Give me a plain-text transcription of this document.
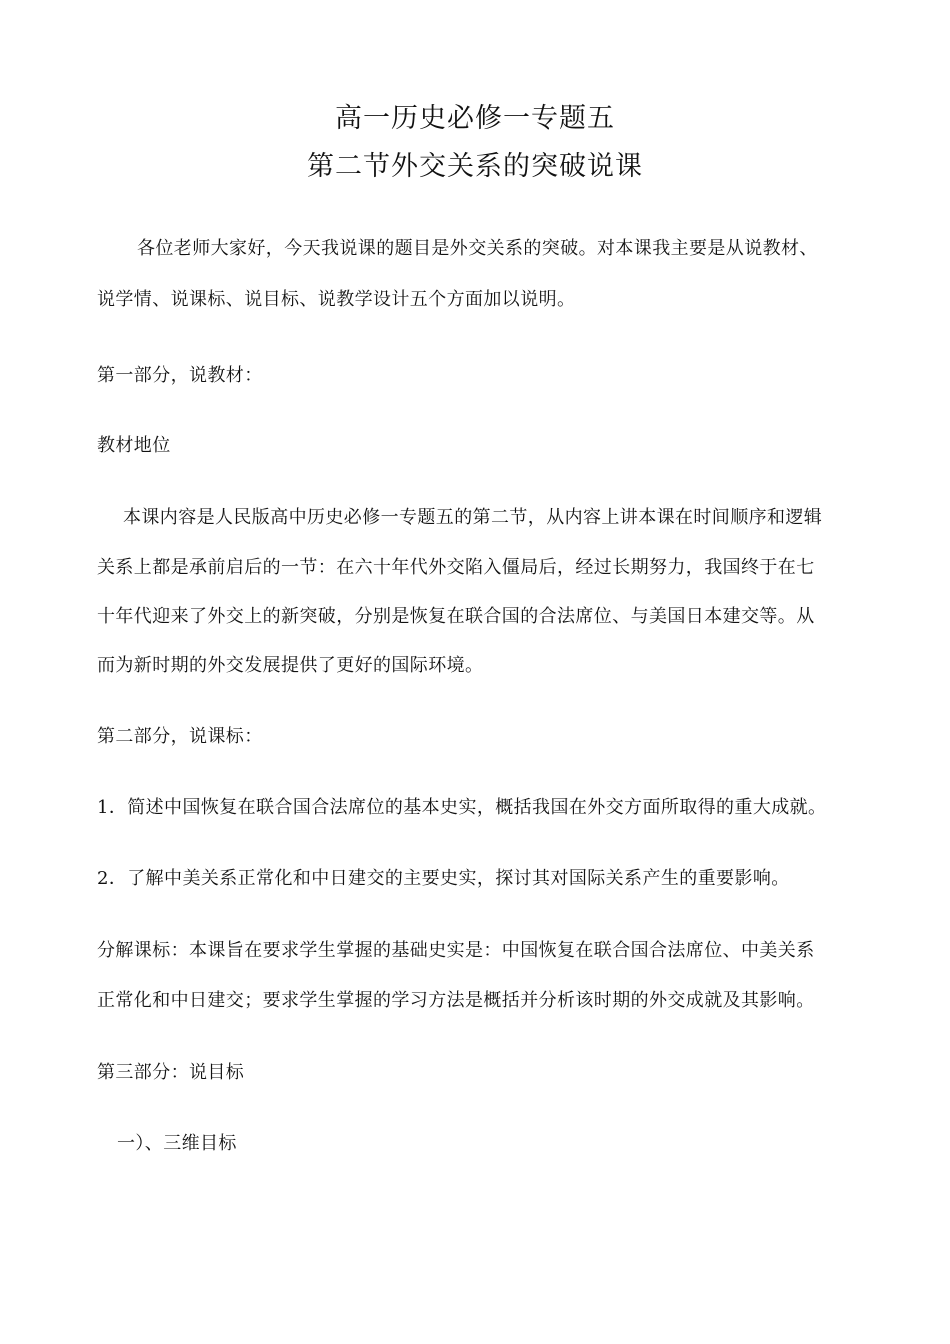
高一历史必修一专题五
第二节外交关系的突破说课
各位老师大家好，今天我说课的题目是外交关系的突破。对本课我主要是从说教材、
说学情、说课标、说目标、说教学设计五个方面加以说明。
第一部分，说教材：
教材地位
本课内容是人民版高中历史必修一专题五的第二节，从内容上讲本课在时间顺序和逻辑
关系上都是承前启后的一节：在六十年代外交陷入僵局后，经过长期努力，我国终于在七
十年代迎来了外交上的新突破，分别是恢复在联合国的合法席位、与美国日本建交等。从
而为新时期的外交发展提供了更好的国际环境。
第二部分，说课标：
1．简述中国恢复在联合国合法席位的基本史实，概括我国在外交方面所取得的重大成就。
2．了解中美关系正常化和中日建交的主要史实，探讨其对国际关系产生的重要影响。
分解课标：本课旨在要求学生掌握的基础史实是：中国恢复在联合国合法席位、中美关系
正常化和中日建交；要求学生掌握的学习方法是概括并分析该时期的外交成就及其影响。
第三部分：说目标
一）、三维目标
